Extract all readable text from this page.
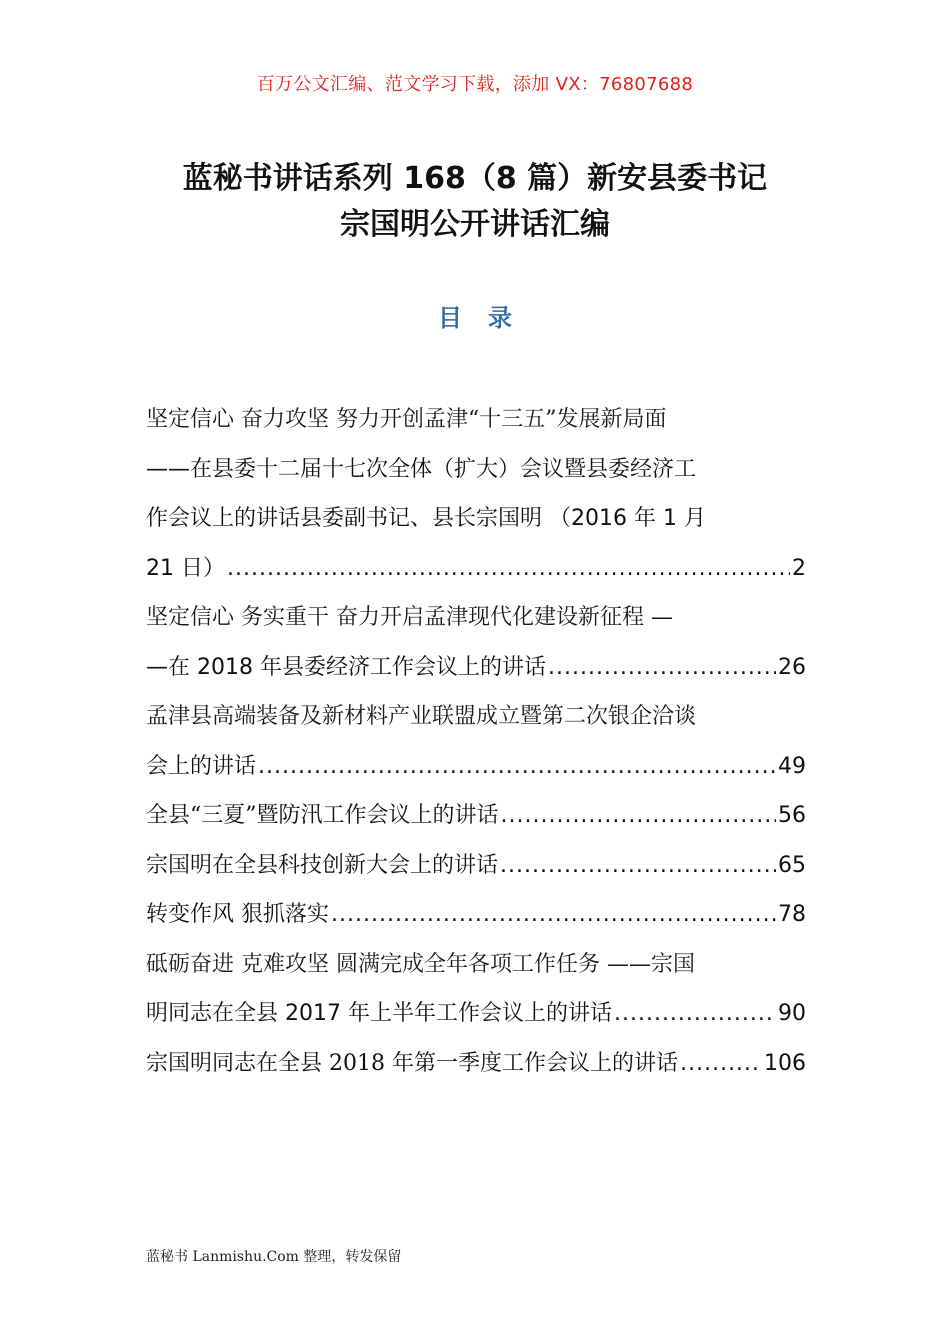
百万公文汇编、范文学习下载，添加 VX：76807688
蓝秘书讲话系列 168（8 篇）新安县委书记
宗国明公开讲话汇编
目录
坚定信心 奋力攻坚 努力开创孟津“十三五”发展新局面
——在县委十二届十七次全体（扩大）会议暨县委经济工
作会议上的讲话县委副书记、县长宗国明 （2016 年 1 月
21 日） .....	2
坚定信心 务实重干 奋力开启孟津现代化建设新征程 —
—在 2018 年县委经济工作会议上的讲话 .....	26
孟津县高端装备及新材料产业联盟成立暨第二次银企洽谈
会上的讲话 .....	49
全县“三夏”暨防汛工作会议上的讲话 .....	56
宗国明在全县科技创新大会上的讲话 .....	65
转变作风 狠抓落实 .....	78
砥砺奋进 克难攻坚 圆满完成全年各项工作任务 ——宗国
明同志在全县 2017 年上半年工作会议上的讲话 .....	90
宗国明同志在全县 2018 年第一季度工作会议上的讲话 .....	106
蓝秘书 Lanmishu.Com 整理，转发保留
